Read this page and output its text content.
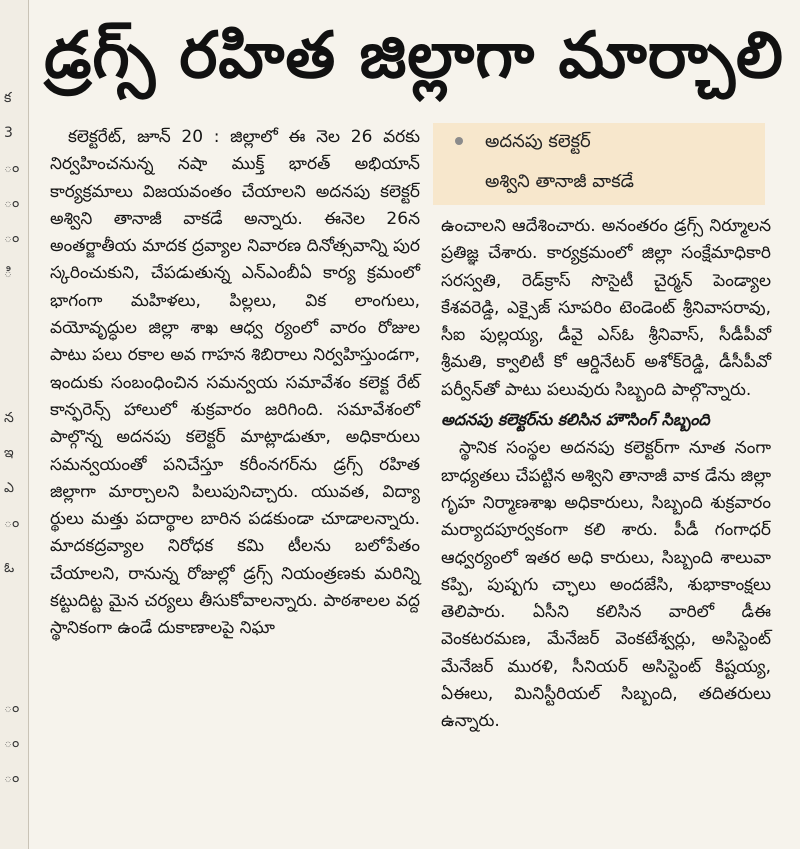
క
3
ం
ం
ం
ి
న
ఇ
ఎ
ం
ఓ
ం
ం
ం
డ్రగ్స్ రహిత జిల్లాగా మార్చాలి

కలెక్టరేట్, జూన్ 20 : జిల్లాలో ఈ నెల 26 వరకు నిర్వహించనున్న నషా ముక్త్ భారత్ అభియాన్ కార్యక్రమాలు విజయవంతం చేయాలని అదనపు కలెక్టర్ అశ్విని తానాజీ వాకడే అన్నారు. ఈనెల 26న అంతర్జాతీయ మాదక ద్రవ్యాల నివారణ దినోత్సవాన్ని పుర స్కరించుకుని, చేపడుతున్న ఎన్ఎంబీఏ కార్య క్రమంలో భాగంగా మహిళలు, పిల్లలు, విక లాంగులు, వయోవృద్ధుల జిల్లా శాఖ ఆధ్వ ర్యంలో వారం రోజుల పాటు పలు రకాల అవ గాహన శిబిరాలు నిర్వహిస్తుండగా, ఇందుకు సంబంధించిన సమన్వయ సమావేశం కలెక్ట రేట్ కాన్ఫరెన్స్ హాలులో శుక్రవారం జరిగింది. సమావేశంలో పాల్గొన్న అదనపు కలెక్టర్ మాట్లాడుతూ, అధికారులు సమన్వయంతో పనిచేస్తూ కరీంనగర్‌ను డ్రగ్స్ రహిత జిల్లాగా మార్చాలని పిలుపునిచ్చారు. యువత, విద్యా ర్థులు మత్తు పదార్థాల బారిన పడకుండా చూడాలన్నారు. మాదకద్రవ్యాల నిరోధక కమి టీలను బలోపేతం చేయాలని, రానున్న రోజుల్లో డ్రగ్స్ నియంత్రణకు మరిన్ని కట్టుదిట్ట మైన చర్యలు తీసుకోవాలన్నారు. పాఠశాలల వద్ద స్థానికంగా ఉండే దుకాణాలపై నిఘా

అదనపు కలెక్టర్
అశ్విని తానాజీ వాకడే

ఉంచాలని ఆదేశించారు. అనంతరం డ్రగ్స్ నిర్మూలన ప్రతిజ్ఞ చేశారు. కార్యక్రమంలో జిల్లా సంక్షేమాధికారి సరస్వతి, రెడ్‌క్రాస్ సొసైటీ చైర్మన్ పెండ్యాల కేశవరెడ్డి, ఎక్సైజ్ సూపరిం టెండెంట్ శ్రీనివాసరావు, సీఐ పుల్లయ్య, డీవై ఎస్ఓ శ్రీనివాస్, సీడీపీవో శ్రీమతి, క్వాలిటీ కో ఆర్డినేటర్ అశోక్‌రెడ్డి, డీసీపీవో పర్వీన్‌తో పాటు పలువురు సిబ్బంది పాల్గొన్నారు.

అదనపు కలెక్టర్‌ను కలిసిన హౌసింగ్ సిబ్బంది

స్థానిక సంస్థల అదనపు కలెక్టర్‌గా నూత నంగా బాధ్యతలు చేపట్టిన అశ్విని తానాజీ వాక డేను జిల్లా గృహ నిర్మాణశాఖ అధికారులు, సిబ్బంది శుక్రవారం మర్యాదపూర్వకంగా కలి శారు. పీడీ గంగాధర్ ఆధ్వర్యంలో ఇతర అధి కారులు, సిబ్బంది శాలువా కప్పి, పుష్పగు చ్ఛాలు అందజేసి, శుభాకాంక్షలు తెలిపారు. ఏసీని కలిసిన వారిలో డీఈ వెంకటరమణ, మేనేజర్ వెంకటేశ్వర్లు, అసిస్టెంట్ మేనేజర్ మురళి, సీనియర్ అసిస్టెంట్ కిష్టయ్య, ఏఈలు, మినిస్టీరియల్ సిబ్బంది, తదితరులు ఉన్నారు.
